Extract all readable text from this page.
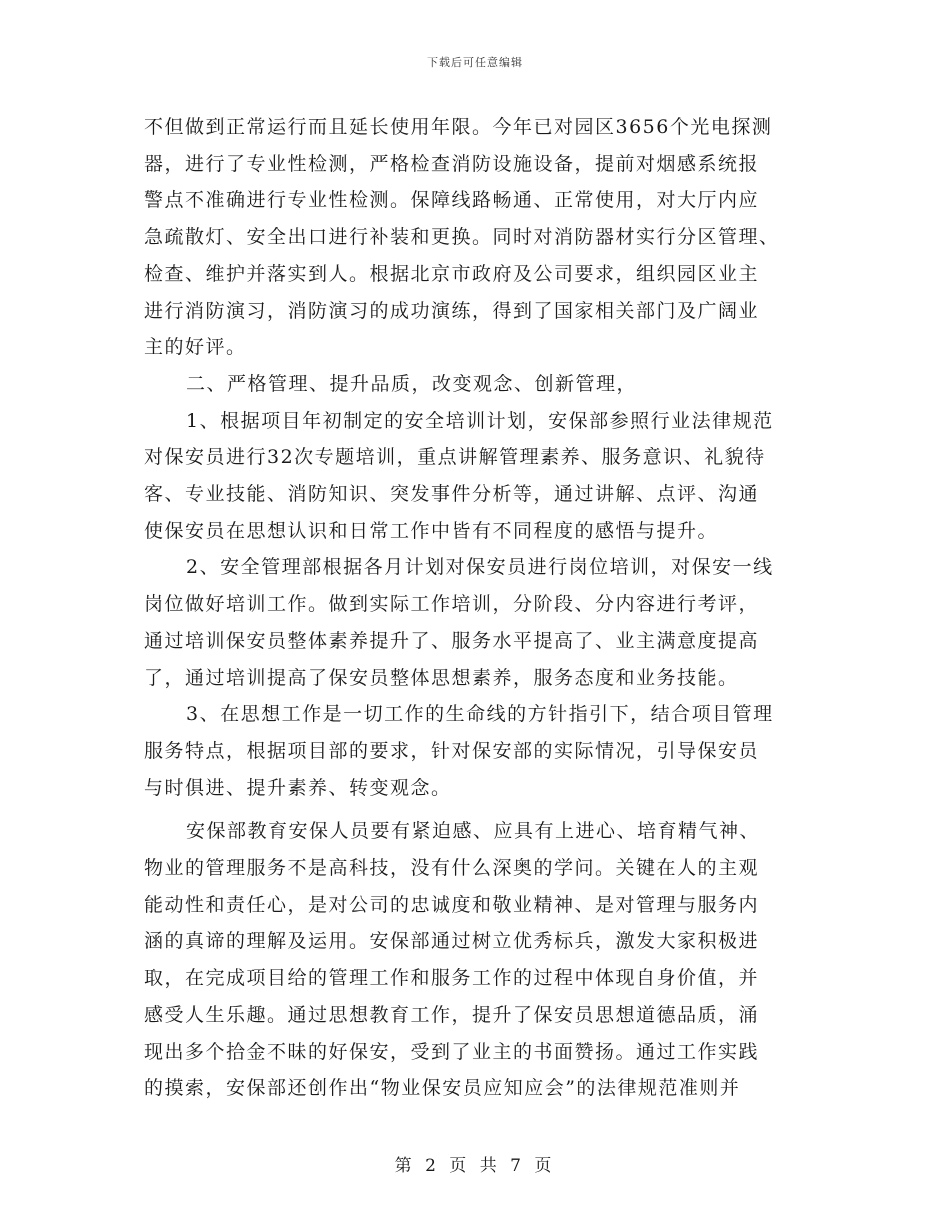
下载后可任意编辑

不但做到正常运行而且延长使用年限。今年已对园区3656个光电探测
器，进行了专业性检测，严格检查消防设施设备，提前对烟感系统报
警点不准确进行专业性检测。保障线路畅通、正常使用，对大厅内应
急疏散灯、安全出口进行补装和更换。同时对消防器材实行分区管理、
检查、维护并落实到人。根据北京市政府及公司要求，组织园区业主
进行消防演习，消防演习的成功演练，得到了国家相关部门及广阔业
主的好评。

二、严格管理、提升品质，改变观念、创新管理，

1、根据项目年初制定的安全培训计划，安保部参照行业法律规范
对保安员进行32次专题培训，重点讲解管理素养、服务意识、礼貌待
客、专业技能、消防知识、突发事件分析等，通过讲解、点评、沟通
使保安员在思想认识和日常工作中皆有不同程度的感悟与提升。

2、安全管理部根据各月计划对保安员进行岗位培训，对保安一线
岗位做好培训工作。做到实际工作培训，分阶段、分内容进行考评，
通过培训保安员整体素养提升了、服务水平提高了、业主满意度提高
了，通过培训提高了保安员整体思想素养，服务态度和业务技能。

3、在思想工作是一切工作的生命线的方针指引下，结合项目管理
服务特点，根据项目部的要求，针对保安部的实际情况，引导保安员
与时俱进、提升素养、转变观念。

安保部教育安保人员要有紧迫感、应具有上进心、培育精气神、
物业的管理服务不是高科技，没有什么深奥的学问。关键在人的主观
能动性和责任心，是对公司的忠诚度和敬业精神、是对管理与服务内
涵的真谛的理解及运用。安保部通过树立优秀标兵，激发大家积极进
取，在完成项目给的管理工作和服务工作的过程中体现自身价值，并
感受人生乐趣。通过思想教育工作，提升了保安员思想道德品质，涌
现出多个拾金不昧的好保安，受到了业主的书面赞扬。通过工作实践
的摸索，安保部还创作出“物业保安员应知应会”的法律规范准则并

第 2 页 共 7 页
